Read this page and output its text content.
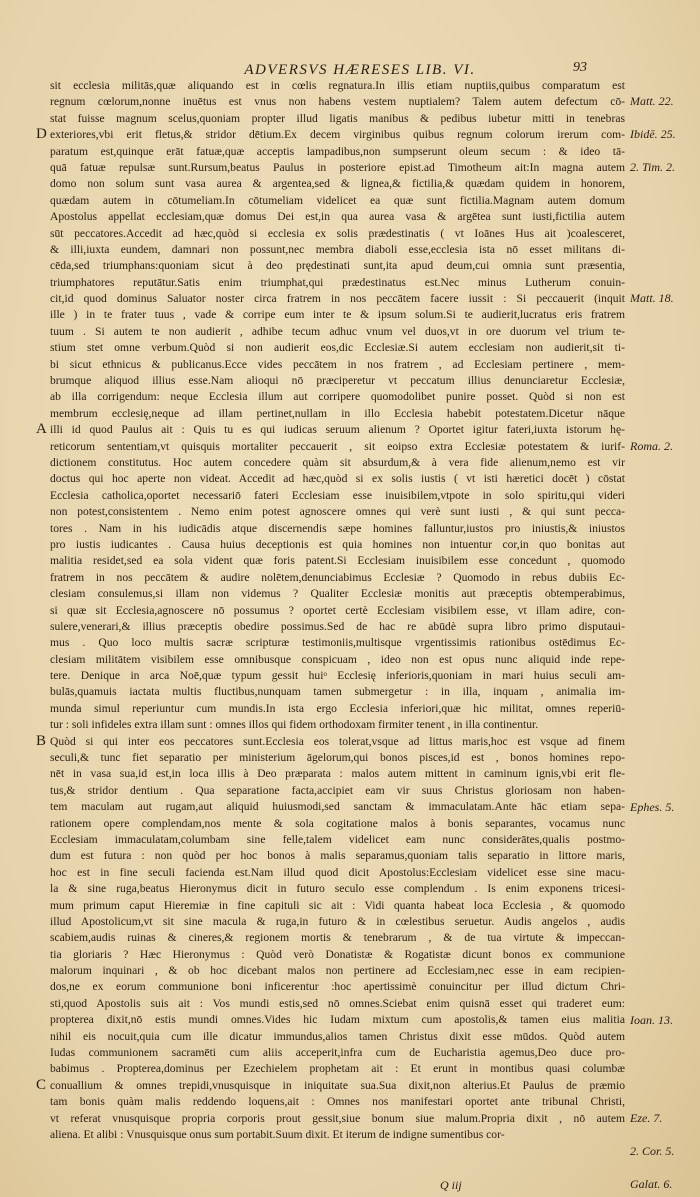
ADVERSVS HÆRESES LIB. VI.	93
sit ecclesia militās,quæ aliquando est in cœlis regnatura.In illis etiam nuptiis,quibus comparatum est
regnum cœlorum,nonne inuētus est vnus non habens vestem nuptialem? Talem autem defectum cō-
stat fuisse magnum scelus,quoniam propter illud ligatis manibus & pedibus iubetur mitti in tenebras
exteriores,vbi erit fletus,& stridor dētium.Ex decem virginibus quibus regnum colorum irerum com-
paratum est,quinque erāt fatuæ,quæ acceptis lampadibus,non sumpserunt oleum secum : & ideo tā-
quā fatuæ repulsæ sunt.Rursum,beatus Paulus in posteriore epist.ad Timotheum ait:In magna autem
domo non solum sunt vasa aurea & argentea,sed & lignea,& fictilia,& quædam quidem in honorem,
quædam autem in cōtumeliam.In cōtumeliam videlicet ea quæ sunt fictilia.Magnam autem domum
Apostolus appellat ecclesiam,quæ domus Dei est,in qua aurea vasa & argētea sunt iusti,fictilia autem
sūt peccatores.Accedit ad hæc,quòd si ecclesia ex solis prædestinatis ( vt Ioānes Hus ait )coalesceret,
& illi,iuxta eundem, damnari non possunt,nec membra diaboli esse,ecclesia ista nō esset militans di-
cēda,sed triumphans:quoniam sicut à deo prędestinati sunt,ita apud deum,cui omnia sunt præsentia,
triumphatores reputātur.Satis enim triumphat,qui prædestinatus est.Nec minus Lutherum conuin-
cit,id quod dominus Saluator noster circa fratrem in nos peccātem facere iussit : Si peccauerit (inquit
ille ) in te frater tuus , vade & corripe eum inter te & ipsum solum.Si te audierit,lucratus eris fratrem
tuum . Si autem te non audierit , adhibe tecum adhuc vnum vel duos,vt in ore duorum vel trium te-
stium stet omne verbum.Quòd si non audierit eos,dic Ecclesiæ.Si autem ecclesiam non audierit,sit ti-
bi sicut ethnicus & publicanus.Ecce vides peccātem in nos fratrem , ad Ecclesiam pertinere , mem-
brumque aliquod illius esse.Nam alioqui nō præciperetur vt peccatum illius denunciaretur Ecclesiæ,
ab illa corrigendum: neque Ecclesia illum aut corripere quomodolibet punire posset. Quòd si non est
membrum ecclesię,neque ad illam pertinet,nullam in illo Ecclesia habebit potestatem.Dicetur nāque
illi id quod Paulus ait : Quis tu es qui iudicas seruum alienum ? Oportet igitur fateri,iuxta istorum hę-
reticorum sententiam,vt quisquis mortaliter peccauerit , sit eoipso extra Ecclesiæ potestatem & iurif-
dictionem constitutus. Hoc autem concedere quàm sit absurdum,& à vera fide alienum,nemo est vir
doctus qui hoc aperte non videat. Accedit ad hæc,quòd si ex solis iustis ( vt isti hæretici docēt ) cōstat
Ecclesia catholica,oportet necessariō fateri Ecclesiam esse inuisibilem,vtpote in solo spiritu,qui videri
non potest,consistentem . Nemo enim potest agnoscere omnes qui verè sunt iusti , & qui sunt pecca-
tores . Nam in his iudicādis atque discernendis sæpe homines falluntur,iustos pro iniustis,& iniustos
pro iustis iudicantes . Causa huius deceptionis est quia homines non intuentur cor,in quo bonitas aut
malitia residet,sed ea sola vident quæ foris patent.Si Ecclesiam inuisibilem esse concedunt , quomodo
fratrem in nos peccātem & audire nolētem,denunciabimus Ecclesiæ ? Quomodo in rebus dubiis Ec-
clesiam consulemus,si illam non videmus ? Qualiter Ecclesiæ monitis aut præceptis obtemperabimus,
si quæ sit Ecclesia,agnoscere nō possumus ? oportet certè Ecclesiam visibilem esse, vt illam adire, con-
sulere,venerari,& illius præceptis obedire possimus.Sed de hac re abūdè supra libro primo disputaui-
mus . Quo loco multis sacræ scripturæ testimoniis,multisque vrgentissimis rationibus ostēdimus Ec-
clesiam militātem visibilem esse omnibusque conspicuam , ideo non est opus nunc aliquid inde repe-
tere. Denique in arca Noē,quæ typum gessit huiᵒ Ecclesię inferioris,quoniam in mari huius seculi am-
bulās,quamuis iactata multis fluctibus,nunquam tamen submergetur : in illa, inquam , animalia im-
munda simul reperiuntur cum mundis.In ista ergo Ecclesia inferiori,quæ hic militat, omnes reperiū-
tur : soli infideles extra illam sunt : omnes illos qui fidem orthodoxam firmiter tenent , in illa continentur.
Quòd si qui inter eos peccatores sunt.Ecclesia eos tolerat,vsque ad littus maris,hoc est vsque ad finem
seculi,& tunc fiet separatio per ministerium āgelorum,qui bonos pisces,id est , bonos homines repo-
nēt in vasa sua,id est,in loca illis à Deo præparata : malos autem mittent in caminum ignis,vbi erit fle-
tus,& stridor dentium . Qua separatione facta,accipiet eam vir suus Christus gloriosam non haben-
tem maculam aut rugam,aut aliquid huiusmodi,sed sanctam & immaculatam.Ante hāc etiam sepa-
rationem opere complendam,nos mente & sola cogitatione malos à bonis separantes, vocamus nunc
Ecclesiam immaculatam,columbam sine felle,talem videlicet eam nunc considerātes,qualis postmo-
dum est futura : non quòd per hoc bonos à malis separamus,quoniam talis separatio in littore maris,
hoc est in fine seculi facienda est.Nam illud quod dicit Apostolus:Ecclesiam videlicet esse sine macu-
la & sine ruga,beatus Hieronymus dicit in futuro seculo esse complendum . Is enim exponens tricesi-
mum primum caput Hieremiæ in fine capituli sic ait : Vidi quanta habeat loca Ecclesia , & quomodo
illud Apostolicum,vt sit sine macula & ruga,in futuro & in cœlestibus seruetur. Audis angelos , audis
scabiem,audis ruinas & cineres,& regionem mortis & tenebrarum , & de tua virtute & impeccan-
tia gloriaris ? Hæc Hieronymus : Quòd verò Donatistæ & Rogatistæ dicunt bonos ex communione
malorum inquinari , & ob hoc dicebant malos non pertinere ad Ecclesiam,nec esse in eam recipien-
dos,ne ex eorum communione boni inficerentur :hoc apertissimè conuincitur per illud dictum Chri-
sti,quod Apostolis suis ait : Vos mundi estis,sed nō omnes.Sciebat enim quisnā esset qui traderet eum:
propterea dixit,nō estis mundi omnes.Vides hic Iudam mixtum cum apostolis,& tamen eius malitia
nihil eis nocuit,quia cum ille dicatur immundus,alios tamen Christus dixit esse mūdos. Quòd autem
Iudas communionem sacramēti cum aliis acceperit,infra cum de Eucharistia agemus,Deo duce pro-
babimus . Propterea,dominus per Ezechielem prophetam ait : Et erunt in montibus quasi columbæ
conuallium & omnes trepidi,vnusquisque in iniquitate sua.Sua dixit,non alterius.Et Paulus de præmio
tam bonis quàm malis reddendo loquens,ait : Omnes nos manifestari oportet ante tribunal Christi,
vt referat vnusquisque propria corporis prout gessit,siue bonum siue malum.Propria dixit , nō autem
aliena. Et alibi : Vnusquisque onus sum portabit.Suum dixit. Et iterum de indigne sumentibus cor-
D
A
B
C
Matt. 22.
Ibidē. 25.
2. Tim. 2.
Matt. 18.
Roma. 2.
Ephes. 5.
Ioan. 13.
Eze. 7.
2. Cor. 5.
Galat. 6.
Q iij
